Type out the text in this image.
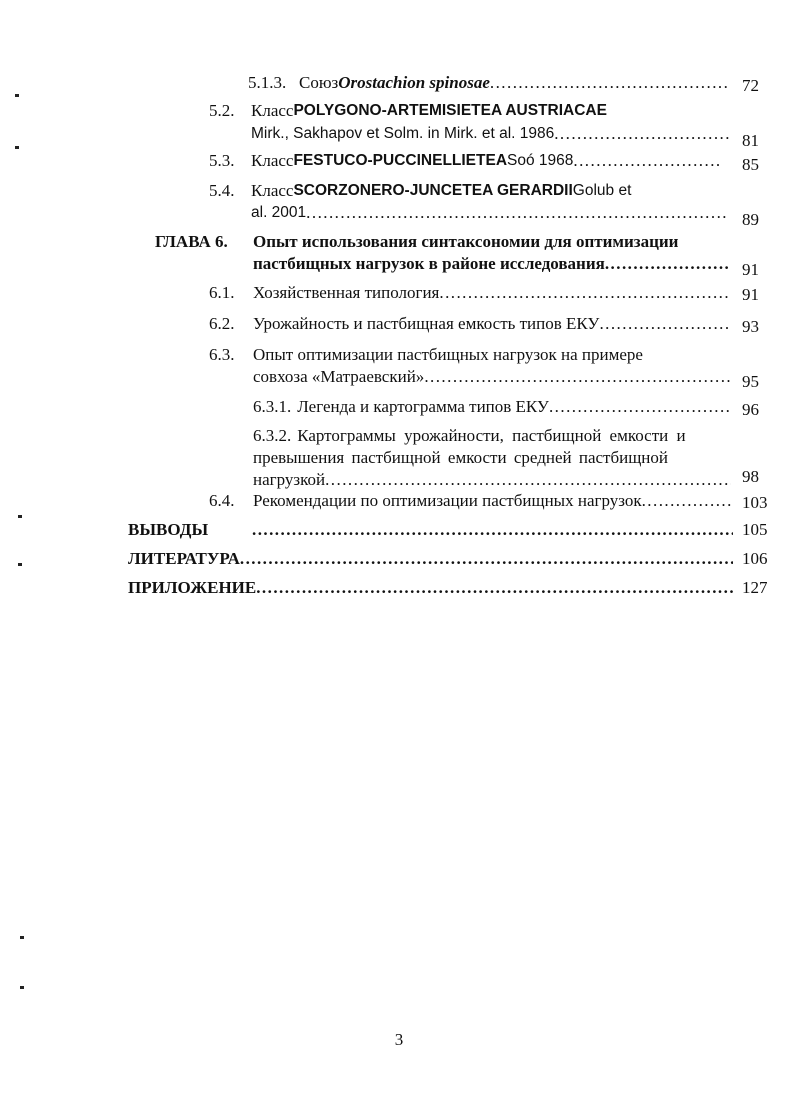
5.1.3. Союз Orostachion spinosae . . .	72
5.2. Класс POLYGONO-ARTEMISIETEA AUSTRIACAE
Mirk., Sakhapov et Solm. in Mirk. et al. 1986 . . .	81
5.3. Класс FESTUCO-PUCCINELLIETEA Soó 1968 . . .	85
5.4. Класс SCORZONERO-JUNCETEA GERARDII Golub et
al. 2001 . . .	89
ГЛАВА 6. Опыт использования синтаксономии для оптимизации
пастбищных нагрузок в районе исследования . . .	91
6.1. Хозяйственная типология . . .	91
6.2. Урожайность и пастбищная емкость типов ЕКУ . . .	93
6.3. Опыт оптимизации пастбищных нагрузок на примере
совхоза «Матраевский» . . .	95
6.3.1. Легенда и картограмма типов ЕКУ . . .	96
6.3.2. Картограммы урожайности, пастбищной емкости и
превышения пастбищной емкости средней пастбищной
нагрузкой . . .	98
6.4. Рекомендации по оптимизации пастбищных нагрузок . . .	103
ВЫВОДЫ . . .	105
ЛИТЕРАТУРА . . .	106
ПРИЛОЖЕНИЕ . . .	127
3
